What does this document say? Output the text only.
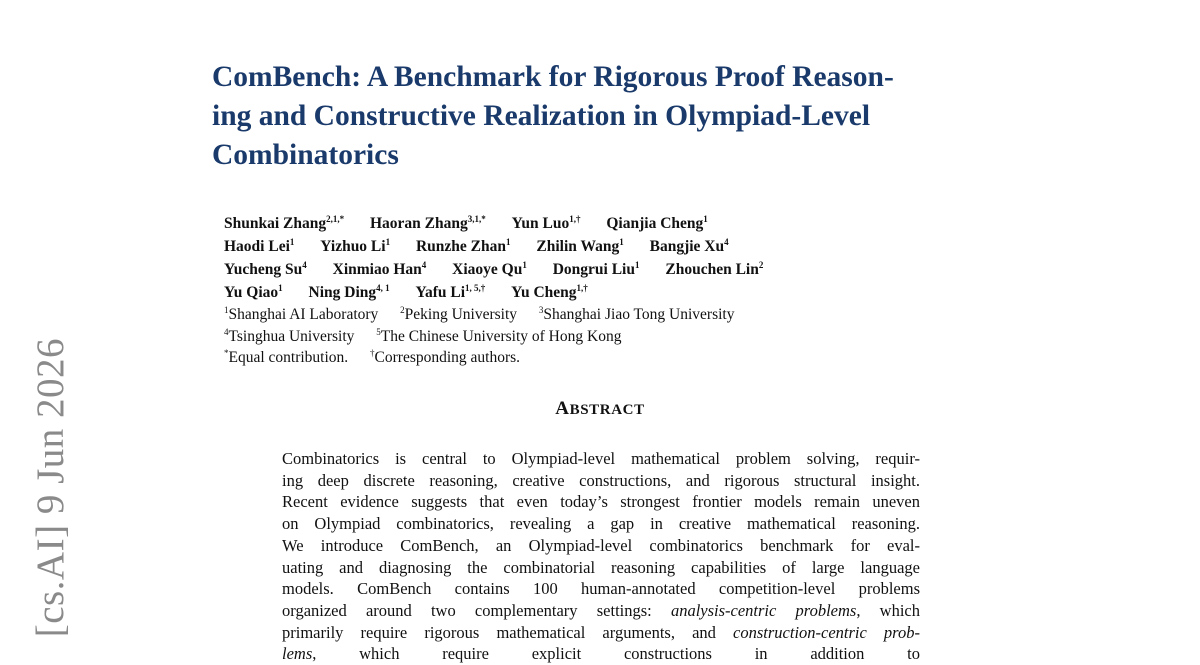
[cs.AI] 9 Jun 2026
ComBench: A Benchmark for Rigorous Proof Reason-
ing and Constructive Realization in Olympiad-Level
Combinatorics
Shunkai Zhang$^{2,1,*}$ Haoran Zhang$^{3,1,*}$ Yun Luo$^{1,\dagger}$ Qianjia Cheng$^1$
Haodi Lei$^1$ Yizhuo Li$^1$ Runzhe Zhan$^1$ Zhilin Wang$^1$ Bangjie Xu$^4$
Yucheng Su$^4$ Xinmiao Han$^4$ Xiaoye Qu$^1$ Dongrui Liu$^1$ Zhouchen Lin$^2$
Yu Qiao$^1$ Ning Ding$^{4, 1}$ Yafu $Li^{1, 5,\dagger}$ Yu Cheng$^{1,\dagger}$
$^1$Shanghai AI Laboratory $^2$Peking University $^3$Shanghai Jiao Tong University
$^4$Tsinghua University $^5$The Chinese University of Hong Kong
*Equal contribution. †Corresponding authors.
ABSTRACT
Combinatorics is central to Olympiad-level mathematical problem solving, requir-
ing deep discrete reasoning, creative constructions, and rigorous structural insight.
Recent evidence suggests that even today’s strongest frontier models remain uneven
on Olympiad combinatorics, revealing a gap in creative mathematical reasoning.
We introduce ComBench, an Olympiad-level combinatorics benchmark for eval-
uating and diagnosing the combinatorial reasoning capabilities of large language
models. ComBench contains 100 human-annotated competition-level problems
organized around two complementary settings: analysis-centric problems, which
primarily require rigorous mathematical arguments, and construction-centric prob-
lems, which require explicit constructions in addition to
